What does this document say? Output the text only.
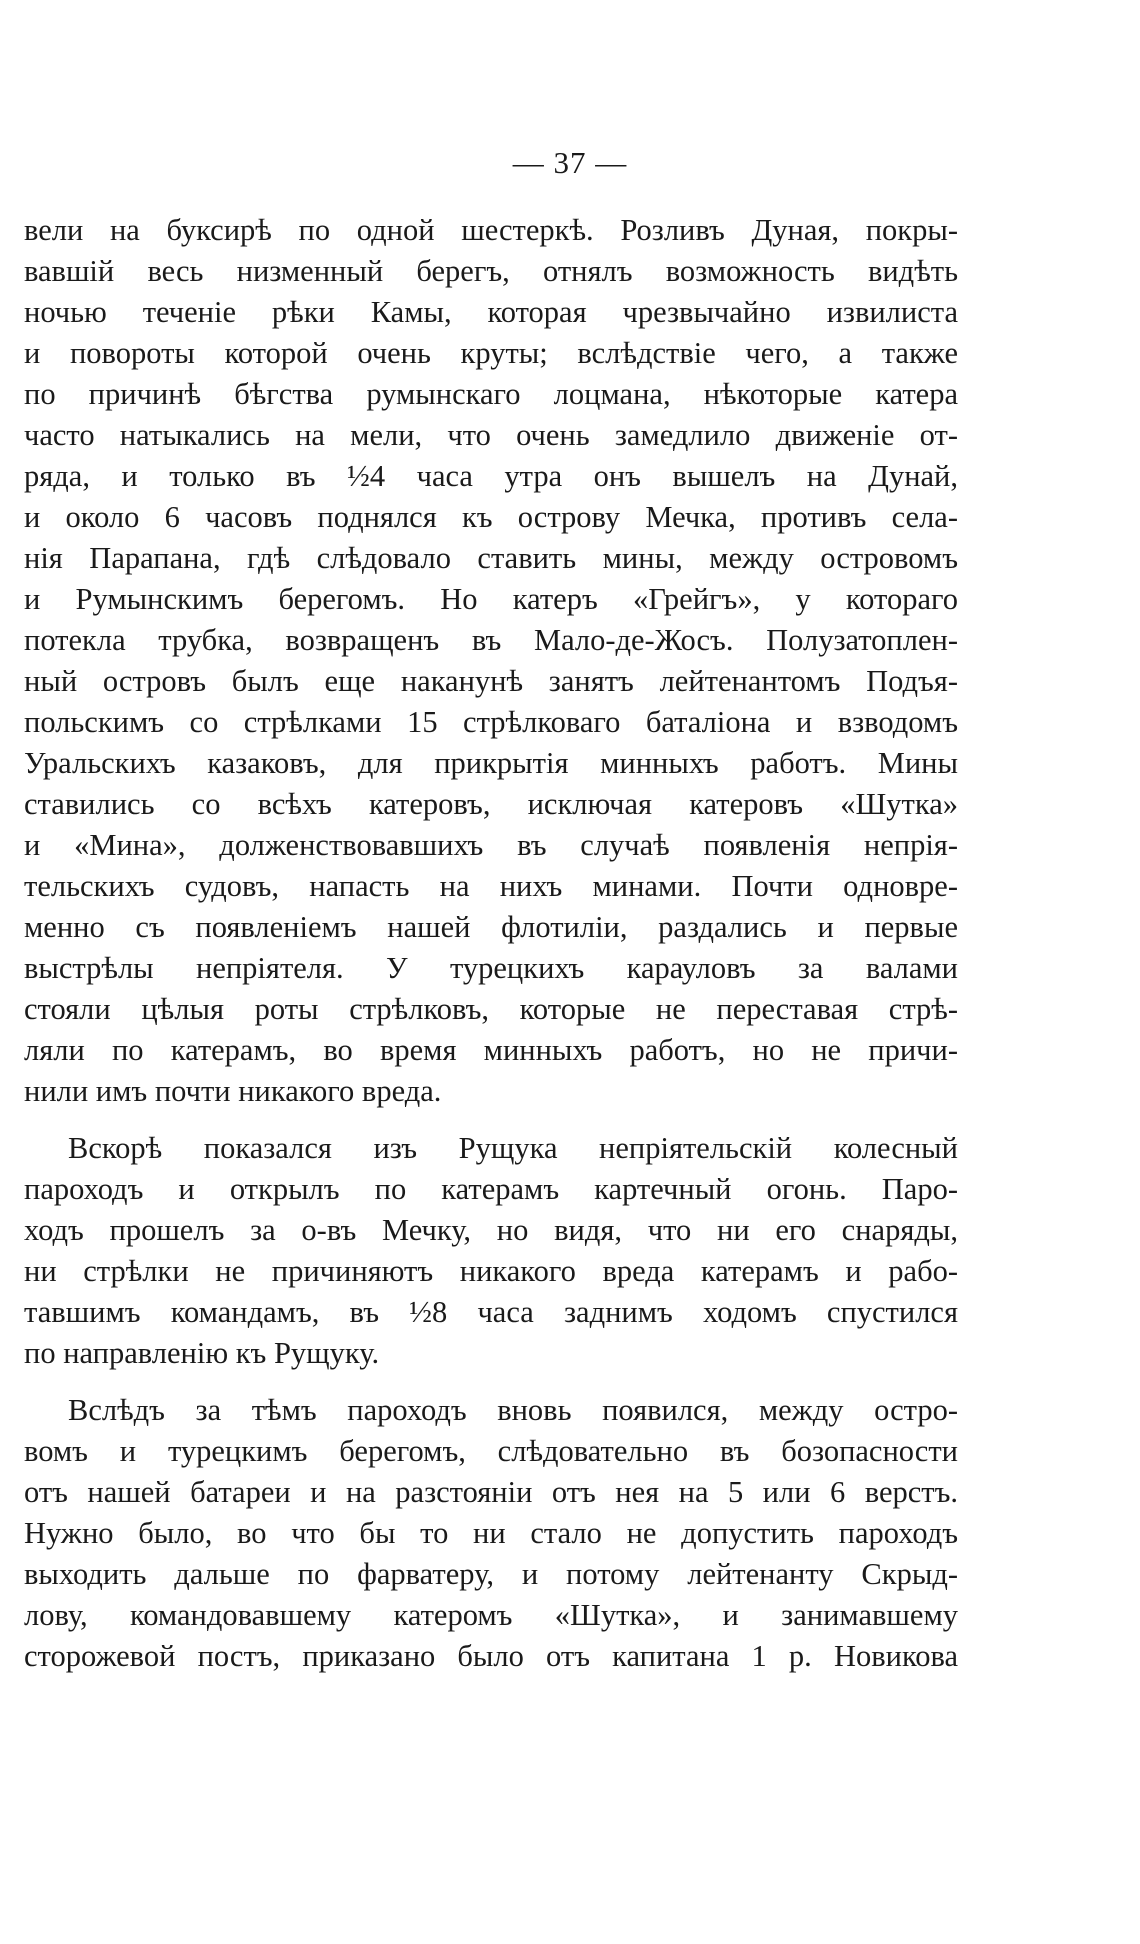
— 37 —
вели на буксирѣ по одной шестеркѣ. Розливъ Дуная, покры-
вавшій весь низменный берегъ, отнялъ возможность видѣть
ночью теченіе рѣки Камы, которая чрезвычайно извилиста
и повороты которой очень круты; вслѣдствіе чего, а также
по причинѣ бѣгства румынскаго лоцмана, нѣкоторые катера
часто натыкались на мели, что очень замедлило движеніе от-
ряда, и только въ ½4 часа утра онъ вышелъ на Дунай,
и около 6 часовъ поднялся къ острову Мечка, противъ села-
нія Парапана, гдѣ слѣдовало ставить мины, между островомъ
и Румынскимъ берегомъ. Но катеръ «Грейгъ», у котораго
потекла трубка, возвращенъ въ Мало-де-Жосъ. Полузатоплен-
ный островъ былъ еще наканунѣ занятъ лейтенантомъ Подъя-
польскимъ со стрѣлками 15 стрѣлковаго баталіона и взводомъ
Уральскихъ казаковъ, для прикрытія минныхъ работъ. Мины
ставились со всѣхъ катеровъ, исключая катеровъ «Шутка»
и «Мина», долженствовавшихъ въ случаѣ появленія непрія-
тельскихъ судовъ, напасть на нихъ минами. Почти одновре-
менно съ появленіемъ нашей флотиліи, раздались и первые
выстрѣлы непріятеля. У турецкихъ карауловъ за валами
стояли цѣлыя роты стрѣлковъ, которые не переставая стрѣ-
ляли по катерамъ, во время минныхъ работъ, но не причи-
нили имъ почти никакого вреда.
Вскорѣ показался изъ Рущука непріятельскій колесный
пароходъ и открылъ по катерамъ картечный огонь. Паро-
ходъ прошелъ за о-въ Мечку, но видя, что ни его снаряды,
ни стрѣлки не причиняютъ никакого вреда катерамъ и рабо-
тавшимъ командамъ, въ ½8 часа заднимъ ходомъ спустился
по направленію къ Рущуку.
Вслѣдъ за тѣмъ пароходъ вновь появился, между остро-
вомъ и турецкимъ берегомъ, слѣдовательно въ бозопасности
отъ нашей батареи и на разстояніи отъ нея на 5 или 6 верстъ.
Нужно было, во что бы то ни стало не допустить пароходъ
выходить дальше по фарватеру, и потому лейтенанту Скрыд-
лову, командовавшему катеромъ «Шутка», и занимавшему
сторожевой постъ, приказано было отъ капитана 1 р. Новикова
